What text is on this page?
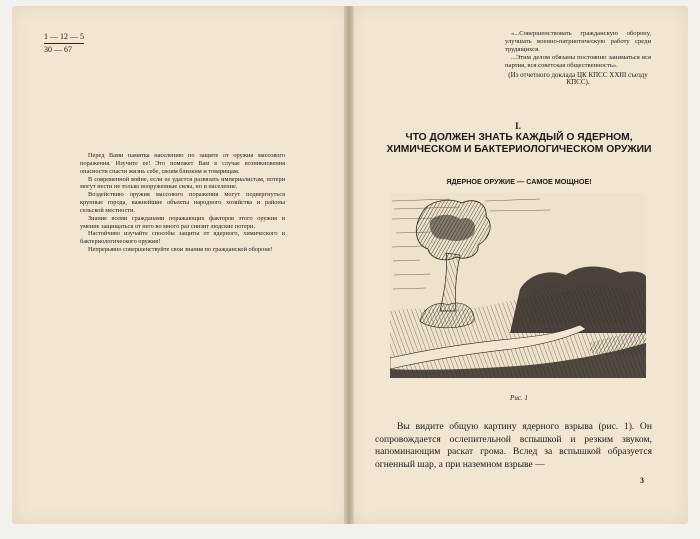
1 — 12 — 5
30 — 67

Перед Вами памятка населению по защите от оружия массового поражения. Изучите ее! Это поможет Вам в случае возникновения опасности спасти жизнь себе, своим близким и товарищам.

В современной войне, если ее удастся развязать империалистам, потери могут нести не только вооруженные силы, но и население.

Воздействию оружия массового поражения могут подвергнуться крупные города, важнейшие объекты народного хозяйства и районы сельской местности.

Знание всеми гражданами поражающих факторов этого оружия и умение защищаться от него во много раз снизит людские потери.

Настойчиво изучайте способы защиты от ядерного, химического и бактериологического оружия!

Непрерывно совершенствуйте свои знания по гражданской обороне!

«...Совершенствовать гражданскую оборону, улучшать военно-патриотическую работу среди трудящихся.

...Этим делом обязаны постоянно заниматься вся партия, вся советская общественность».

(Из отчетного доклада ЦК КПСС XXIII съезду КПСС).

I.
ЧТО ДОЛЖЕН ЗНАТЬ КАЖДЫЙ О ЯДЕРНОМ, ХИМИЧЕСКОМ И БАКТЕРИОЛОГИЧЕСКОМ ОРУЖИИ
ЯДЕРНОЕ ОРУЖИЕ — САМОЕ МОЩНОЕ!
Рис. 1

Вы видите общую картину ядерного взрыва (рис. 1). Он сопровождается ослепительной вспышкой и резким звуком, напоминающим раскат грома. Вслед за вспышкой образуется огненный шар, а при наземном взрыве —

3
